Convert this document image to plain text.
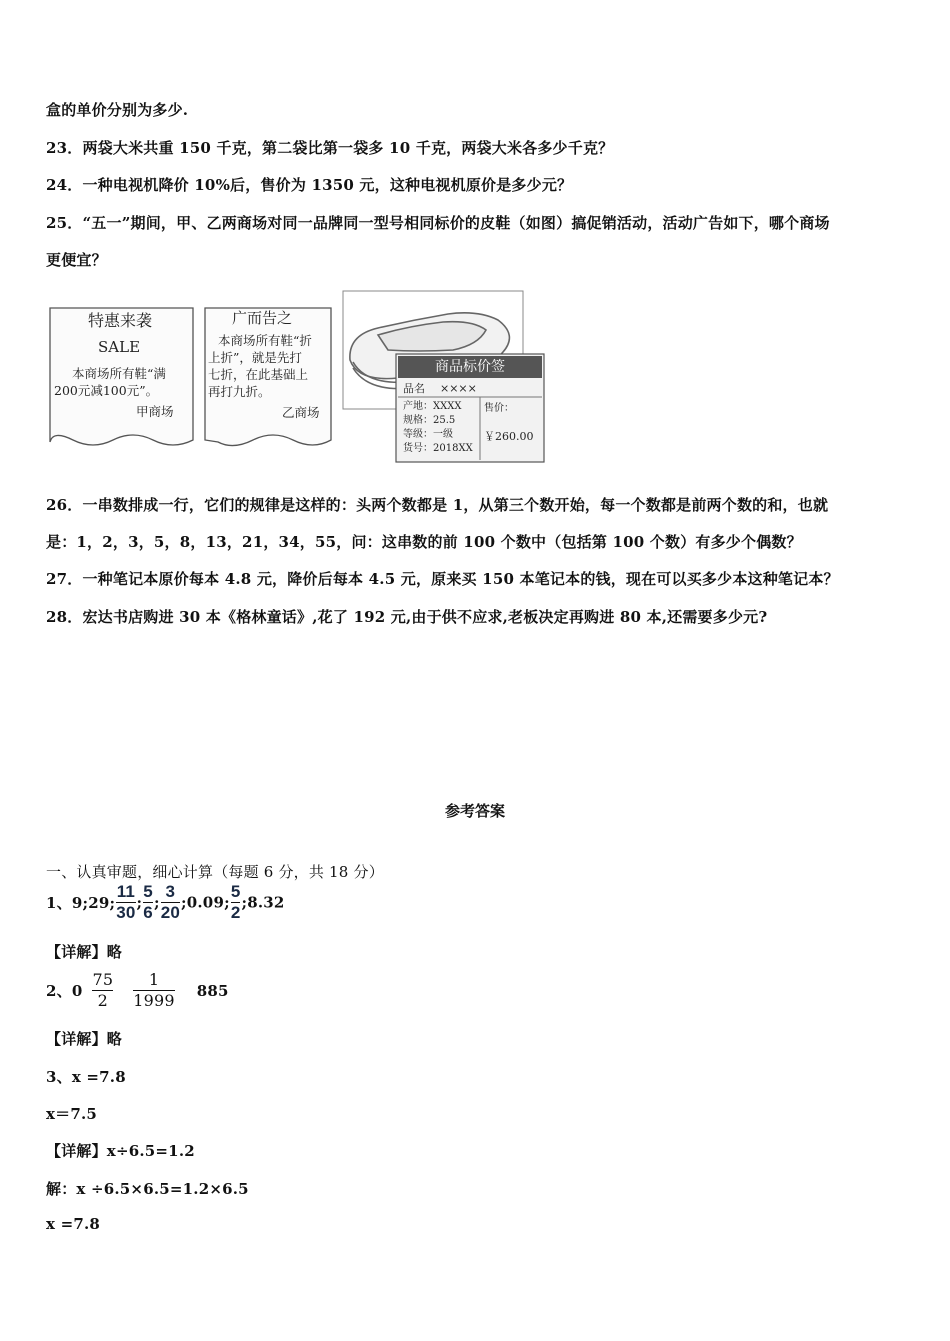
盒的单价分别为多少.
23．两袋大米共重 150 千克，第二袋比第一袋多 10 千克，两袋大米各多少千克？
24．一种电视机降价 10%后，售价为 1350 元，这种电视机原价是多少元？
25．“五一”期间，甲、乙两商场对同一品牌同一型号相同标价的皮鞋（如图）搞促销活动，活动广告如下，哪个商场
更便宜？
特惠来袭
SALE
本商场所有鞋“满
200元减100元”。
甲商场
广而告之
本商场所有鞋“折
上折”，就是先打
七折，在此基础上
再打九折。
乙商场
商品标价签
品名 ××××
产地：XXXX
规格：25.5
等级：一级
货号：2018XX
售价：
￥260.00
26．一串数排成一行，它们的规律是这样的：头两个数都是 1，从第三个数开始，每一个数都是前两个数的和，也就
是：1，2，3，5，8，13，21，34，55，问：这串数的前 100 个数中（包括第 100 个数）有多少个偶数？
27．一种笔记本原价每本 4.8 元，降价后每本 4.5 元，原来买 150 本笔记本的钱，现在可以买多少本这种笔记本？
28．宏达书店购进 30 本《格林童话》,花了 192 元,由于供不应求,老板决定再购进 80 本,还需要多少元?
参考答案
一、认真审题，细心计算（每题 6 分，共 18 分）
1、9;29; $\frac{11}{30}$ ; $\frac{5}{6}$ ; $\frac{3}{20}$ ;0.09; $\frac{5}{2}$ ;8.32
【详解】略
2、$0 \frac{75}{2} \frac{1}{1999} 885$
【详解】略
3、x =7.8
x＝7.5
【详解】x÷6.5=1.2
解：x ÷6.5×6.5=1.2×6.5
x =7.8
